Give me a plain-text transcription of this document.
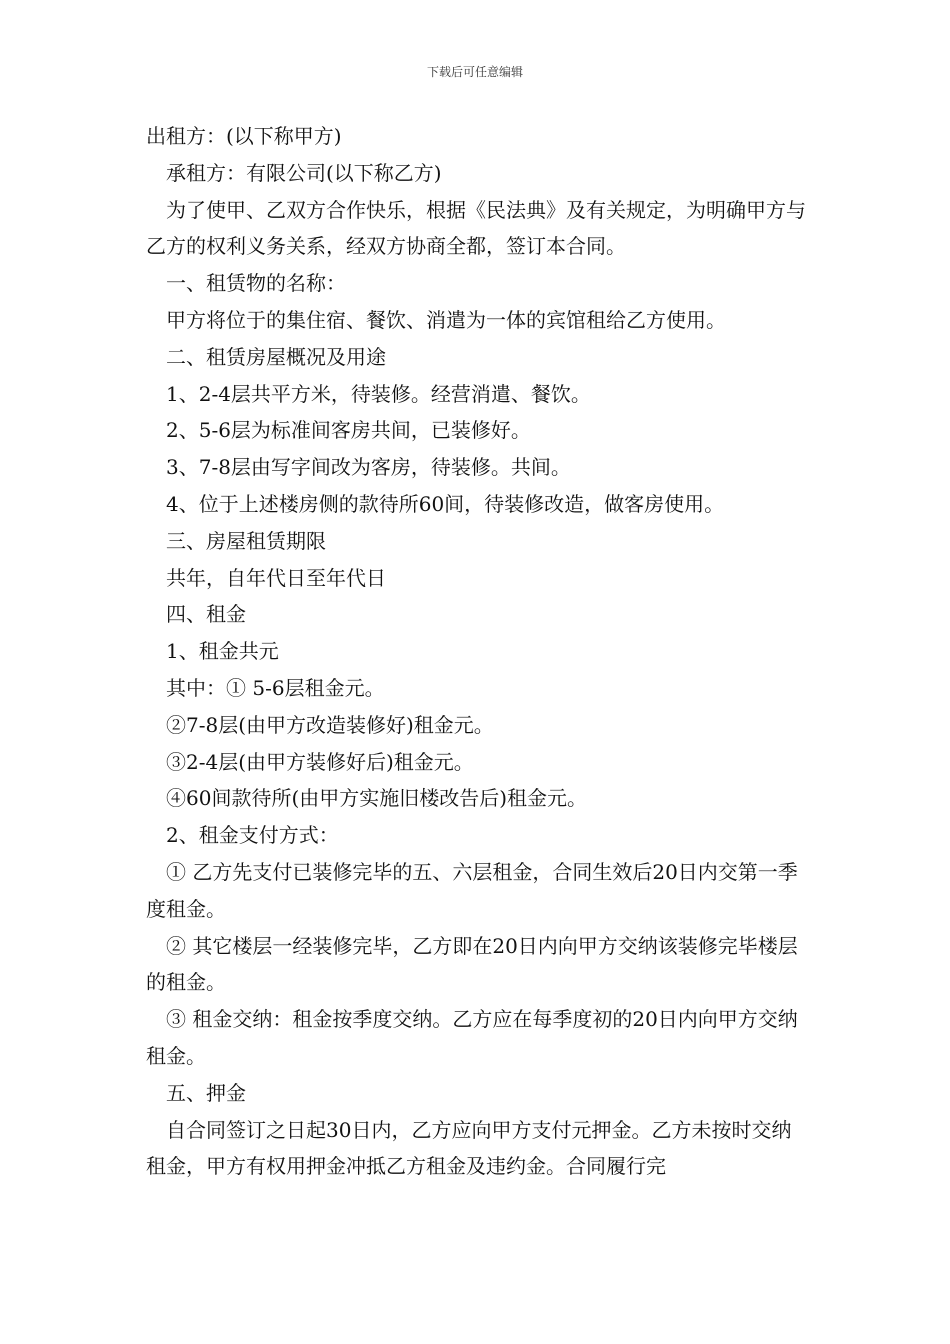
下载后可任意编辑

出租方：(以下称甲方)

承租方：有限公司(以下称乙方)

为了使甲、乙双方合作快乐，根据《民法典》及有关规定，为明确甲方与乙方的权利义务关系，经双方协商全都，签订本合同。

一、租赁物的名称：

甲方将位于的集住宿、餐饮、消遣为一体的宾馆租给乙方使用。

二、租赁房屋概况及用途

1、2-4层共平方米，待装修。经营消遣、餐饮。

2、5-6层为标准间客房共间，已装修好。

3、7-8层由写字间改为客房，待装修。共间。

4、位于上述楼房侧的款待所60间，待装修改造，做客房使用。

三、房屋租赁期限

共年，自年代日至年代日

四、租金

1、租金共元

其中：① 5-6层租金元。

②7-8层(由甲方改造装修好)租金元。

③2-4层(由甲方装修好后)租金元。

④60间款待所(由甲方实施旧楼改告后)租金元。

2、租金支付方式：

① 乙方先支付已装修完毕的五、六层租金，合同生效后20日内交第一季度租金。

② 其它楼层一经装修完毕，乙方即在20日内向甲方交纳该装修完毕楼层的租金。

③ 租金交纳：租金按季度交纳。乙方应在每季度初的20日内向甲方交纳租金。

五、押金

自合同签订之日起30日内，乙方应向甲方支付元押金。乙方未按时交纳租金，甲方有权用押金冲抵乙方租金及违约金。合同履行完
